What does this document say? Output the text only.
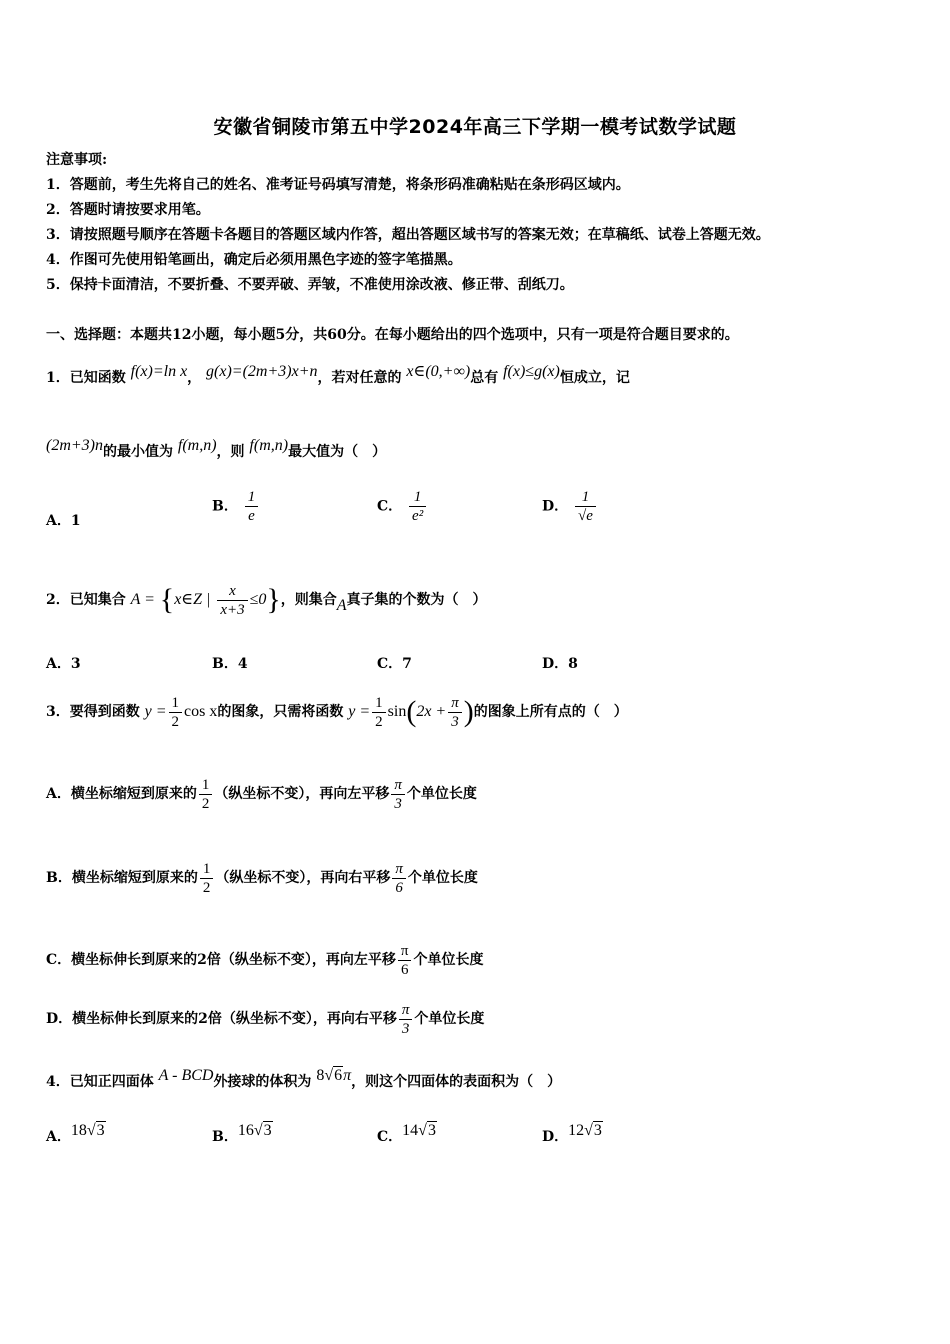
安徽省铜陵市第五中学2024年高三下学期一模考试数学试题
注意事项:
1．答题前，考生先将自己的姓名、准考证号码填写清楚，将条形码准确粘贴在条形码区域内。
2．答题时请按要求用笔。
3．请按照题号顺序在答题卡各题目的答题区域内作答，超出答题区域书写的答案无效；在草稿纸、试卷上答题无效。
4．作图可先使用铅笔画出，确定后必须用黑色字迹的签字笔描黑。
5．保持卡面清洁，不要折叠、不要弄破、弄皱，不准使用涂改液、修正带、刮纸刀。
一、选择题：本题共12小题，每小题5分，共60分。在每小题给出的四个选项中，只有一项是符合题目要求的。
1．已知函数 f(x)=ln x， g(x)=(2m+3)x+n，若对任意的 x∈(0,+∞)总有 f(x)≤g(x)恒成立，记
(2m+3)n的最小值为 f(m,n)，则 f(m,n)最大值为（　）
A．1
B． $\frac{1}{e}$	C． $\frac{1}{\text{e²}}$	D． $\frac{1}{√e}$
2．已知集合 A = {x∈Z | $\frac{x}{x+3} \le 0$}，则集合A真子集的个数为（　）
A．3	B．4	C．7	D．8
3．要得到函数 $y = \frac{1}{2}$ cos x的图象，只需将函数 $y = \frac{1}{2} \sin(2x + \frac{\pi}{3}$ )的图象上所有点的（　）
A．横坐标缩短到原来的 $\frac{1}{2}$ （纵坐标不变），再向左平移 $\frac{\pi}{3}$ 个单位长度
B．横坐标缩短到原来的 $\frac{1}{2}$ （纵坐标不变），再向右平移 $\frac{\pi}{6}$ 个单位长度
C．横坐标伸长到原来的2倍（纵坐标不变），再向左平移 $\frac{\pi}{6}$ 个单位长度
D．横坐标伸长到原来的2倍（纵坐标不变），再向右平移 $\frac{\pi}{3}$ 个单位长度
4．已知正四面体 A - BCD外接球的体积为 8√6π，则这个四面体的表面积为（　）
A．18√3	B．16√3	C．14√3	D．12√3
